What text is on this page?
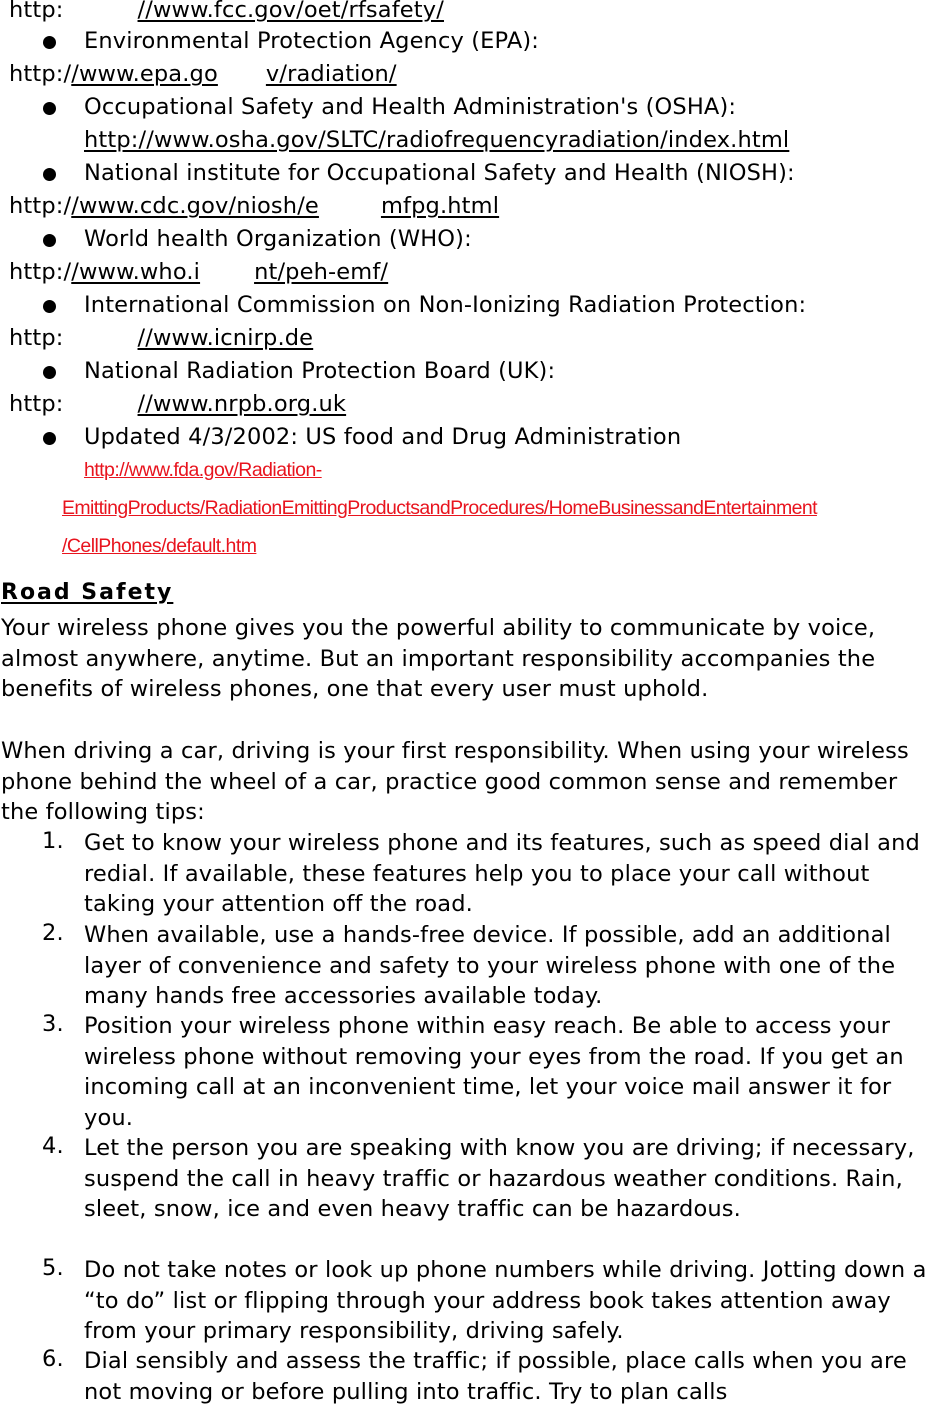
http:	//www.fcc.gov/oet/rfsafety/
Environmental Protection Agency (EPA):
http://www.epa.go v/radiation/
Occupational Safety and Health Administration's (OSHA):
http://www.osha.gov/SLTC/radiofrequencyradiation/index.html
National institute for Occupational Safety and Health (NIOSH):
http://www.cdc.gov/niosh/e	mfpg.html
World health Organization (WHO):
http://www.who.i nt/peh-emf/
International Commission on Non-Ionizing Radiation Protection:
http:	//www.icnirp.de
National Radiation Protection Board (UK):
http:	//www.nrpb.org.uk
Updated 4/3/2002: US food and Drug Administration
http://www.fda.gov/Radiation-
EmittingProducts/RadiationEmittingProductsandProcedures/HomeBusinessandEntertainment
/CellPhones/default.htm
Road Safety
Your wireless phone gives you the powerful ability to communicate by voice, almost anywhere, anytime. But an important responsibility accompanies the benefits of wireless phones, one that every user must uphold.
When driving a car, driving is your first responsibility. When using your wireless phone behind the wheel of a car, practice good common sense and remember the following tips:
1. Get to know your wireless phone and its features, such as speed dial and redial. If available, these features help you to place your call without taking your attention off the road.
2. When available, use a hands-free device. If possible, add an additional layer of convenience and safety to your wireless phone with one of the many hands free accessories available today.
3. Position your wireless phone within easy reach. Be able to access your wireless phone without removing your eyes from the road. If you get an incoming call at an inconvenient time, let your voice mail answer it for you.
4. Let the person you are speaking with know you are driving; if necessary, suspend the call in heavy traffic or hazardous weather conditions. Rain, sleet, snow, ice and even heavy traffic can be hazardous.
5. Do not take notes or look up phone numbers while driving. Jotting down a “to do” list or flipping through your address book takes attention away from your primary responsibility, driving safely.
6. Dial sensibly and assess the traffic; if possible, place calls when you are not moving or before pulling into traffic. Try to plan calls
